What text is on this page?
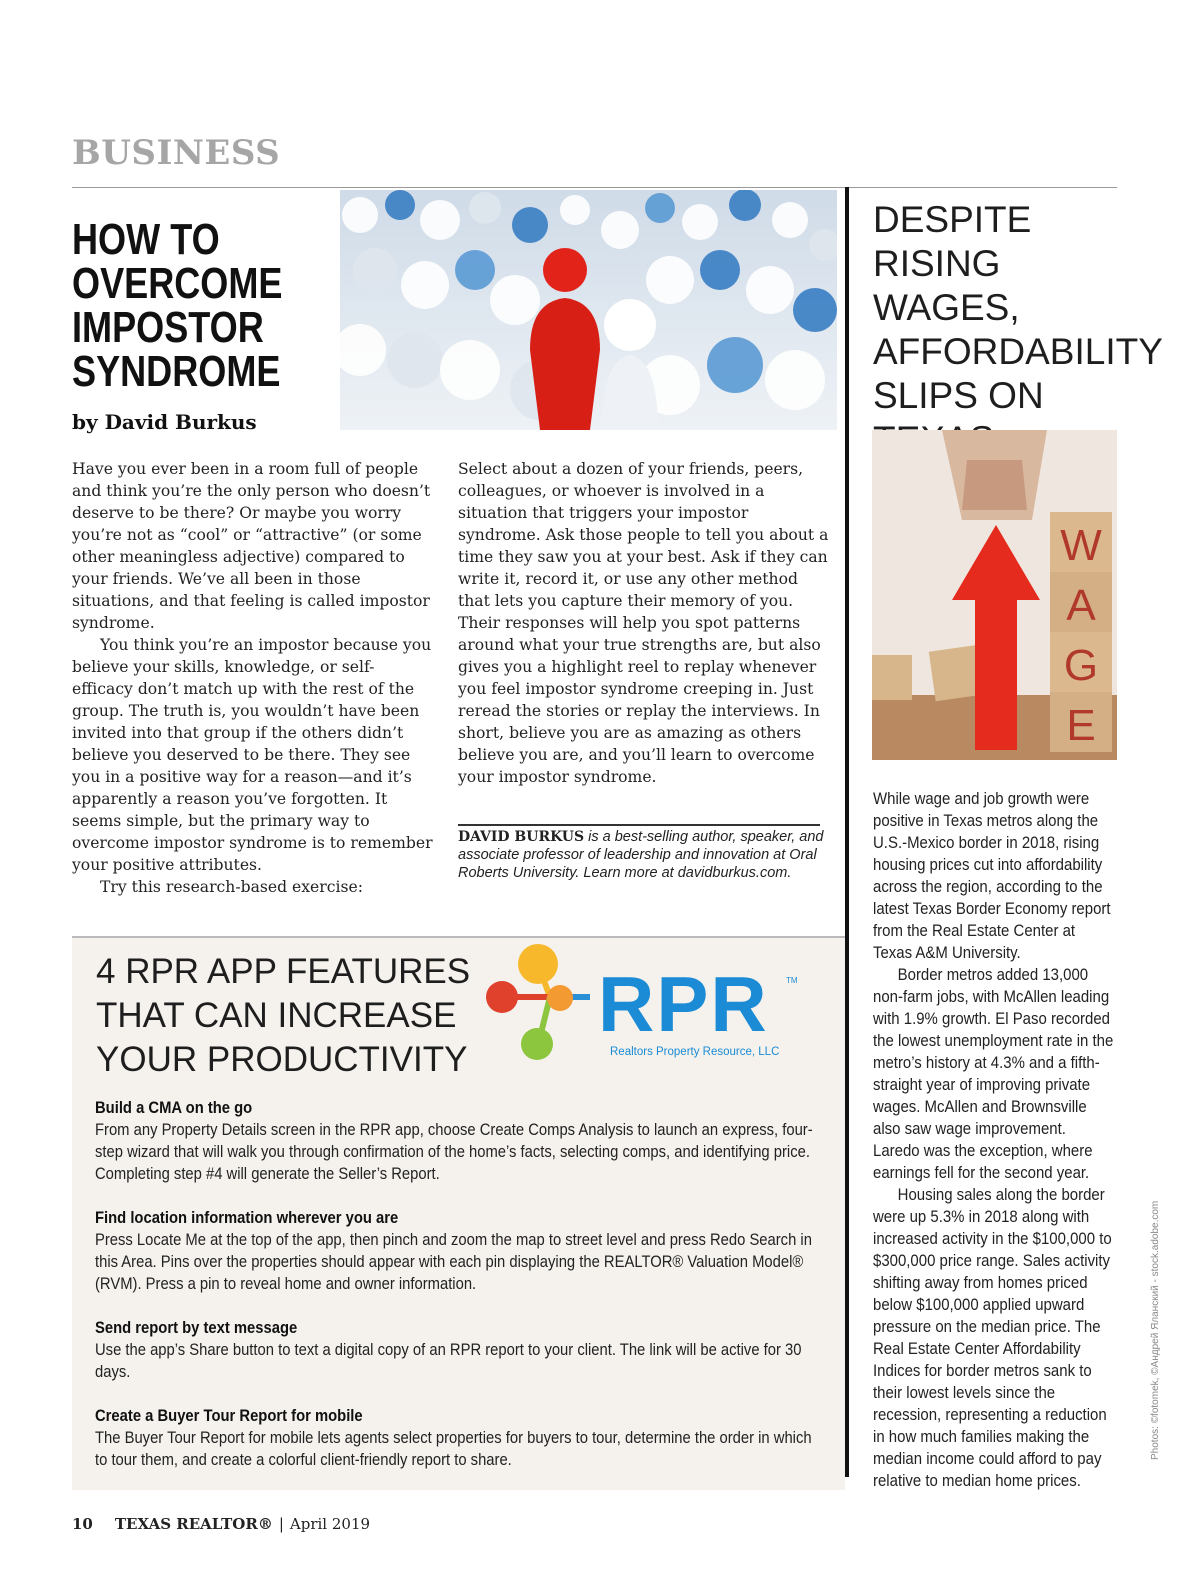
BUSINESS
HOW TO
OVERCOME
IMPOSTOR
SYNDROME
by David Burkus

Have you ever been in a room full of people and think you’re the only person who doesn’t deserve to be there? Or maybe you worry you’re not as “cool” or “attractive” (or some other meaningless adjective) compared to your friends. We’ve all been in those situations, and that feeling is called impostor syndrome.

You think you’re an impostor because you believe your skills, knowledge, or self-efficacy don’t match up with the rest of the group. The truth is, you wouldn’t have been invited into that group if the others didn’t believe you deserved to be there. They see you in a positive way for a reason—and it’s apparently a reason you’ve forgotten. It seems simple, but the primary way to overcome impostor syndrome is to remember your positive attributes.

Try this research-based exercise:

Select about a dozen of your friends, peers, colleagues, or whoever is involved in a situation that triggers your impostor syndrome. Ask those people to tell you about a time they saw you at your best. Ask if they can write it, record it, or use any other method that lets you capture their memory of you. Their responses will help you spot patterns around what your true strengths are, but also gives you a highlight reel to replay whenever you feel impostor syndrome creeping in. Just reread the stories or replay the interviews. In short, believe you are as amazing as others believe you are, and you’ll learn to overcome your impostor syndrome.

DAVID BURKUS is a best-selling author, speaker, and associate professor of leadership and innovation at Oral Roberts University. Learn more at davidburkus.com.
4 RPR APP FEATURES THAT CAN INCREASE YOUR PRODUCTIVITY
RPR TM
Realtors Property Resource, LLC
Build a CMA on the go
From any Property Details screen in the RPR app, choose Create Comps Analysis to launch an express, four-step wizard that will walk you through confirmation of the home’s facts, selecting comps, and identifying price. Completing step #4 will generate the Seller’s Report.
Find location information wherever you are
Press Locate Me at the top of the app, then pinch and zoom the map to street level and press Redo Search in this Area. Pins over the properties should appear with each pin displaying the REALTOR® Valuation Model® (RVM). Press a pin to reveal home and owner information.
Send report by text message
Use the app’s Share button to text a digital copy of an RPR report to your client. The link will be active for 30 days.
Create a Buyer Tour Report for mobile
The Buyer Tour Report for mobile lets agents select properties for buyers to tour, determine the order in which to tour them, and create a colorful client-friendly report to share.
DESPITE
RISING WAGES,
AFFORDABILITY
SLIPS ON
W
A
G
E

While wage and job growth were positive in Texas metros along the U.S.-Mexico border in 2018, rising housing prices cut into affordability across the region, according to the latest Texas Border Economy report from the Real Estate Center at Texas A&M University.

Border metros added 13,000 non-farm jobs, with McAllen leading with 1.9% growth. El Paso recorded the lowest unemployment rate in the metro’s history at 4.3% and a fifth-straight year of improving private wages. McAllen and Brownsville also saw wage improvement. Laredo was the exception, where earnings fell for the second year.

Housing sales along the border were up 5.3% in 2018 along with increased activity in the $100,000 to $300,000 price range. Sales activity shifting away from homes priced below $100,000 applied upward pressure on the median price. The Real Estate Center Affordability Indices for border metros sank to their lowest levels since the recession, representing a reduction in how much families making the median income could afford to pay relative to median home prices.

Photos: ©fotomek, ©Андрей Яланский - stock.adobe.com
10 TEXAS REALTOR® | April 2019
